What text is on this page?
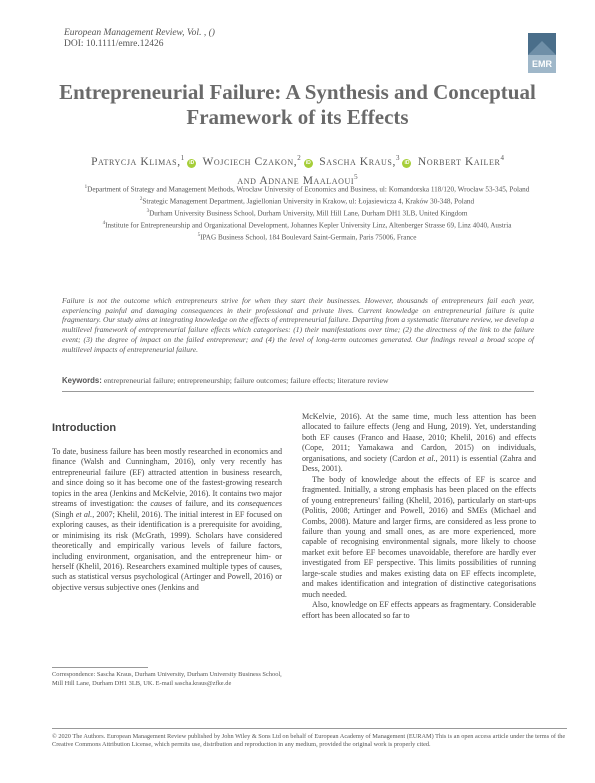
European Management Review, Vol. , ()
DOI: 10.1111/emre.12426
EMR
Entrepreneurial Failure: A Synthesis and Conceptual Framework of its Effects
Patrycja Klimas,$^1$iD Wojciech Czakon,$^2$iD Sascha Kraus,$^3$iD Norbert Kailer$^4$
and Adnane Maalaoui$^5$
$^1$Department of Strategy and Management Methods, Wrocław University of Economics and Business, ul: Komandorska 118/120, Wrocław 53-345, Poland
$^2$Strategic Management Department, Jagiellonian University in Krakow, ul: Łojasiewicza 4, Kraków 30-348, Poland
$^3$Durham University Business School, Durham University, Mill Hill Lane, Durham DH1 3LB, United Kingdom
$^4$Institute for Entrepreneurship and Organizational Development, Johannes Kepler University Linz, Altenberger Strasse 69, Linz 4040, Austria
$^5$IPAG Business School, 184 Boulevard Saint-Germain, Paris 75006, France
Failure is not the outcome which entrepreneurs strive for when they start their businesses. However, thousands of entrepreneurs fail each year, experiencing painful and damaging consequences in their professional and private lives. Current knowledge on entrepreneurial failure is quite fragmentary. Our study aims at integrating knowledge on the effects of entrepreneurial failure. Departing from a systematic literature review, we develop a multilevel framework of entrepreneurial failure effects which categorises: (1) their manifestations over time; (2) the directness of the link to the failure event; (3) the degree of impact on the failed entrepreneur; and (4) the level of long-term outcomes generated. Our findings reveal a broad scope of multilevel impacts of entrepreneurial failure.
Keywords: entrepreneurial failure; entrepreneurship; failure outcomes; failure effects; literature review
Introduction

To date, business failure has been mostly researched in economics and finance (Walsh and Cunningham, 2016), only very recently has entrepreneurial failure (EF) attracted attention in business research, and since doing so it has become one of the fastest-growing research topics in the area (Jenkins and McKelvie, 2016). It contains two major streams of investigation: the causes of failure, and its consequences (Singh et al., 2007; Khelil, 2016). The initial interest in EF focused on exploring causes, as their identification is a prerequisite for avoiding, or minimising its risk (McGrath, 1999). Scholars have considered theoretically and empirically various levels of failure factors, including environment, organisation, and the entrepreneur him- or herself (Khelil, 2016). Researchers examined multiple types of causes, such as statistical versus psychological (Artinger and Powell, 2016) or objective versus subjective ones (Jenkins and

Correspondence: Sascha Kraus, Durham University, Durham University Business School, Mill Hill Lane, Durham DH1 3LB, UK. E-mail sascha.kraus@zfke.de

McKelvie, 2016). At the same time, much less attention has been allocated to failure effects (Jeng and Hung, 2019). Yet, understanding both EF causes (Franco and Haase, 2010; Khelil, 2016) and effects (Cope, 2011; Yamakawa and Cardon, 2015) on individuals, organisations, and society (Cardon et al., 2011) is essential (Zahra and Dess, 2001).

The body of knowledge about the effects of EF is scarce and fragmented. Initially, a strong emphasis has been placed on the effects of young entrepreneurs' failing (Khelil, 2016), particularly on start-ups (Politis, 2008; Artinger and Powell, 2016) and SMEs (Michael and Combs, 2008). Mature and larger firms, are considered as less prone to failure than young and small ones, as are more experienced, more capable of recognising environmental signals, more likely to choose market exit before EF becomes unavoidable, therefore are hardly ever investigated from EF perspective. This limits possibilities of running large-scale studies and makes existing data on EF effects incomplete, and makes identification and integration of distinctive categorisations much needed.

Also, knowledge on EF effects appears as fragmentary. Considerable effort has been allocated so far to

© 2020 The Authors. European Management Review published by John Wiley & Sons Ltd on behalf of European Academy of Management (EURAM) This is an open access article under the terms of the Creative Commons Attribution License, which permits use, distribution and reproduction in any medium, provided the original work is properly cited.
